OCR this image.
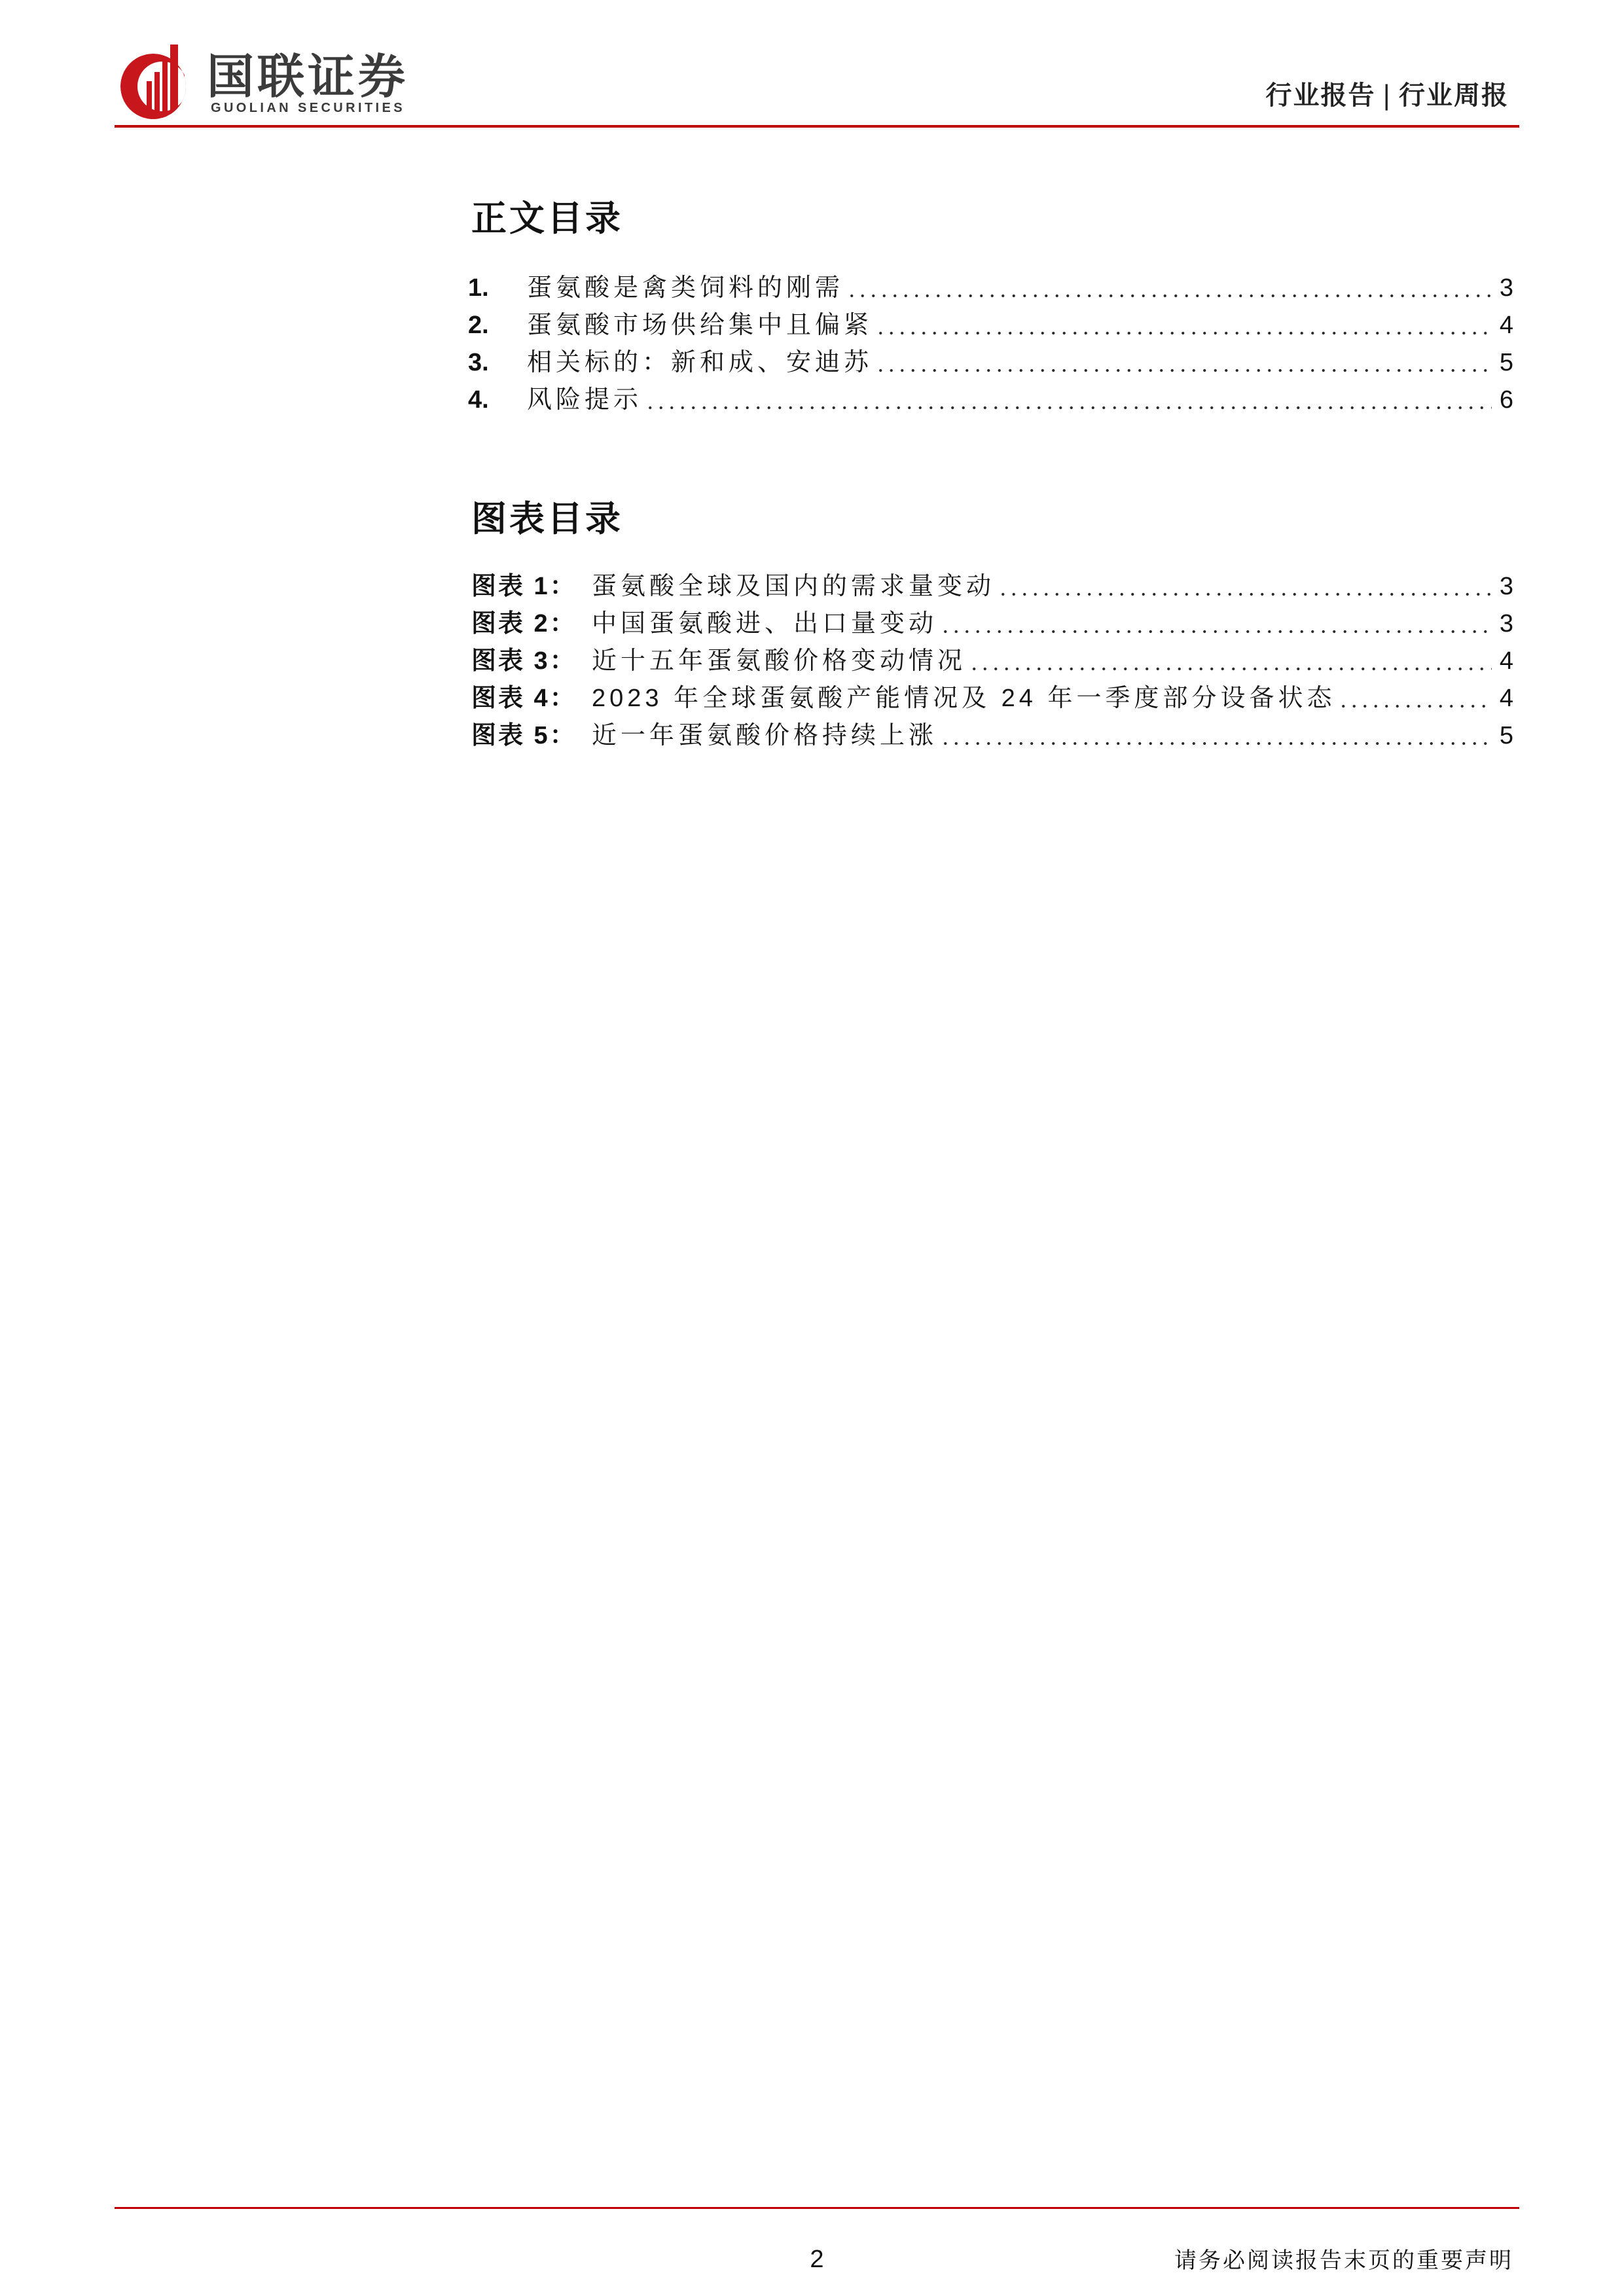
国联证券
GUOLIAN SECURITIES	行业报告 | 行业周报
正文目录
1.	蛋氨酸是禽类饲料的刚需	3
2.	蛋氨酸市场供给集中且偏紧	4
3.	相关标的：新和成、安迪苏	5
4.	风险提示	6
图表目录
图表 1： 蛋氨酸全球及国内的需求量变动	3
图表 2： 中国蛋氨酸进、出口量变动	3
图表 3： 近十五年蛋氨酸价格变动情况	4
图表 4： 2023 年全球蛋氨酸产能情况及 24 年一季度部分设备状态	4
图表 5： 近一年蛋氨酸价格持续上涨	5
2	请务必阅读报告末页的重要声明
